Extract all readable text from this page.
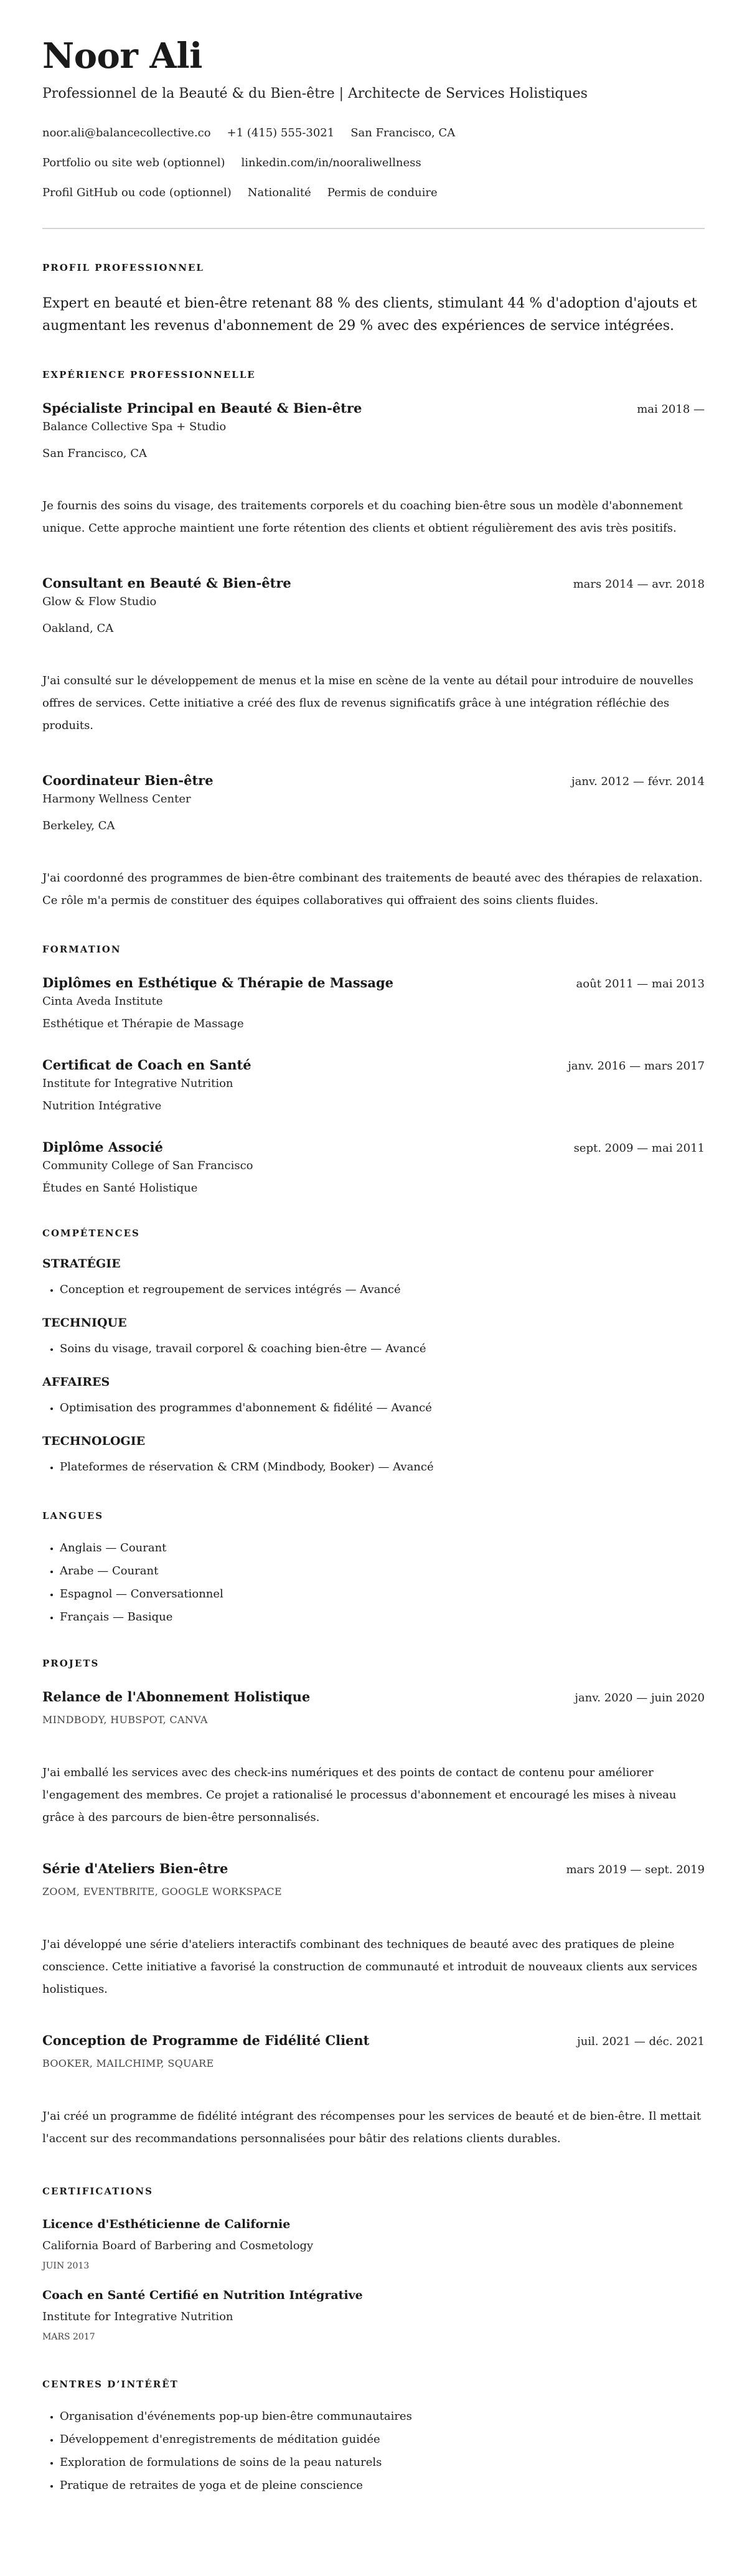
Noor Ali
Professionnel de la Beauté & du Bien-être | Architecte de Services Holistiques
noor.ali@balancecollective.co +1 (415) 555-3021 San Francisco, CA
Portfolio ou site web (optionnel) linkedin.com/in/nooraliwellness
Profil GitHub ou code (optionnel) Nationalité Permis de conduire
PROFIL PROFESSIONNEL
Expert en beauté et bien-être retenant 88 % des clients, stimulant 44 % d'adoption d'ajouts et augmentant les revenus d'abonnement de 29 % avec des expériences de service intégrées.
EXPÉRIENCE PROFESSIONNELLE
Spécialiste Principal en Beauté & Bien-être	mai 2018 —
Balance Collective Spa + Studio
San Francisco, CA
Je fournis des soins du visage, des traitements corporels et du coaching bien-être sous un modèle d'abonnement unique. Cette approche maintient une forte rétention des clients et obtient régulièrement des avis très positifs.
Consultant en Beauté & Bien-être	mars 2014 — avr. 2018
Glow & Flow Studio
Oakland, CA
J'ai consulté sur le développement de menus et la mise en scène de la vente au détail pour introduire de nouvelles offres de services. Cette initiative a créé des flux de revenus significatifs grâce à une intégration réfléchie des produits.
Coordinateur Bien-être	janv. 2012 — févr. 2014
Harmony Wellness Center
Berkeley, CA
J'ai coordonné des programmes de bien-être combinant des traitements de beauté avec des thérapies de relaxation. Ce rôle m'a permis de constituer des équipes collaboratives qui offraient des soins clients fluides.
FORMATION
Diplômes en Esthétique & Thérapie de Massage	août 2011 — mai 2013
Cinta Aveda Institute
Esthétique et Thérapie de Massage
Certificat de Coach en Santé	janv. 2016 — mars 2017
Institute for Integrative Nutrition
Nutrition Intégrative
Diplôme Associé	sept. 2009 — mai 2011
Community College of San Francisco
Études en Santé Holistique
COMPÉTENCES
STRATÉGIE
• Conception et regroupement de services intégrés — Avancé
TECHNIQUE
• Soins du visage, travail corporel & coaching bien-être — Avancé
AFFAIRES
• Optimisation des programmes d'abonnement & fidélité — Avancé
TECHNOLOGIE
• Plateformes de réservation & CRM (Mindbody, Booker) — Avancé
LANGUES
• Anglais — Courant
• Arabe — Courant
• Espagnol — Conversationnel
• Français — Basique
PROJETS
Relance de l'Abonnement Holistique	janv. 2020 — juin 2020
MINDBODY, HUBSPOT, CANVA
J'ai emballé les services avec des check-ins numériques et des points de contact de contenu pour améliorer l'engagement des membres. Ce projet a rationalisé le processus d'abonnement et encouragé les mises à niveau grâce à des parcours de bien-être personnalisés.
Série d'Ateliers Bien-être	mars 2019 — sept. 2019
ZOOM, EVENTBRITE, GOOGLE WORKSPACE
J'ai développé une série d'ateliers interactifs combinant des techniques de beauté avec des pratiques de pleine conscience. Cette initiative a favorisé la construction de communauté et introduit de nouveaux clients aux services holistiques.
Conception de Programme de Fidélité Client	juil. 2021 — déc. 2021
BOOKER, MAILCHIMP, SQUARE
J'ai créé un programme de fidélité intégrant des récompenses pour les services de beauté et de bien-être. Il mettait l'accent sur des recommandations personnalisées pour bâtir des relations clients durables.
CERTIFICATIONS
Licence d'Esthéticienne de Californie
California Board of Barbering and Cosmetology
JUIN 2013
Coach en Santé Certifié en Nutrition Intégrative
Institute for Integrative Nutrition
MARS 2017
CENTRES D’INTÉRÊT
• Organisation d'événements pop-up bien-être communautaires
• Développement d'enregistrements de méditation guidée
• Exploration de formulations de soins de la peau naturels
• Pratique de retraites de yoga et de pleine conscience
